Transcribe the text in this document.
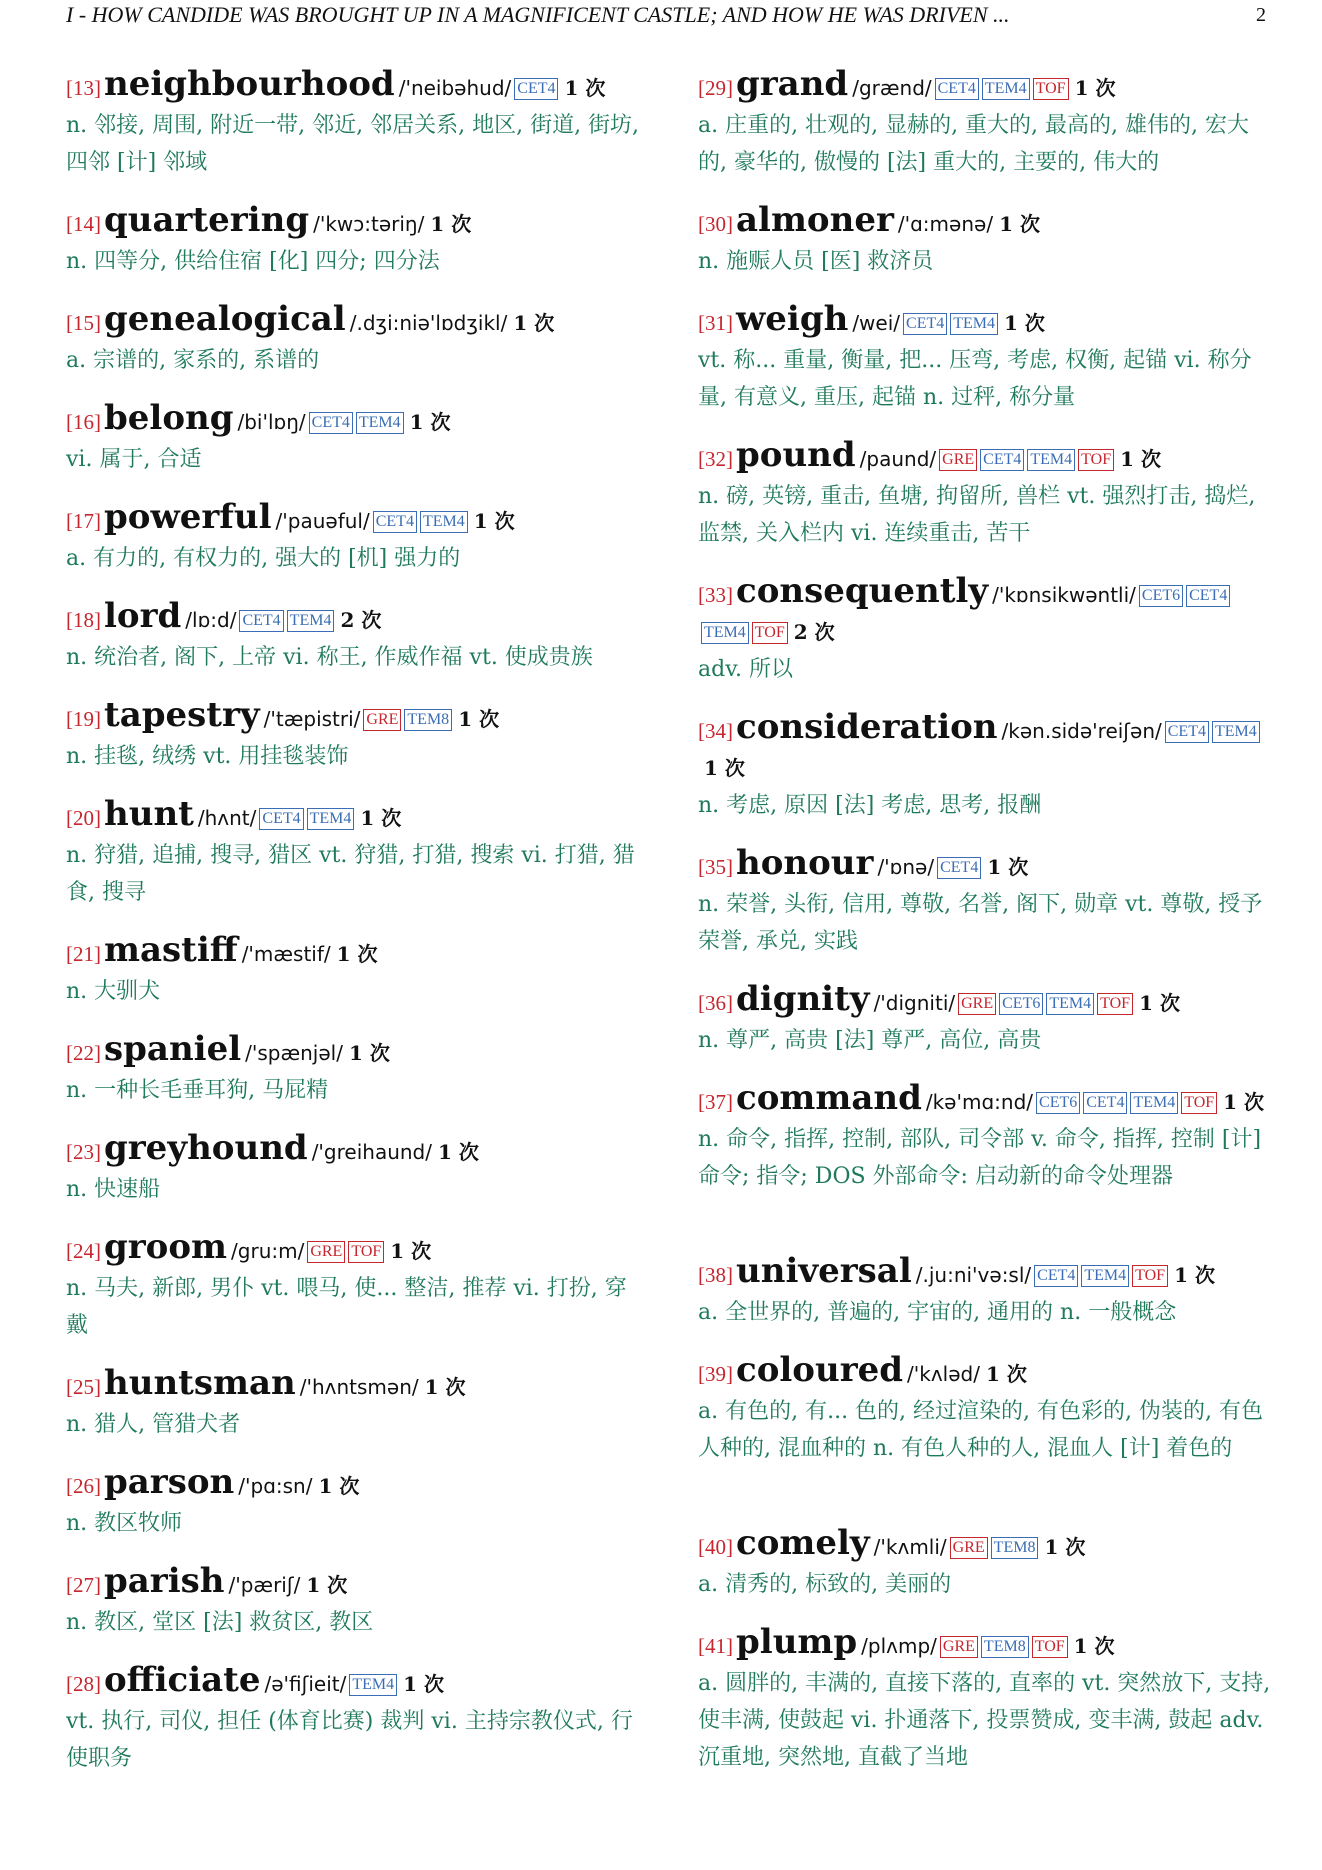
I - HOW CANDIDE WAS BROUGHT UP IN A MAGNIFICENT CASTLE; AND HOW HE WAS DRIVEN ...	2
[13]neighbourhood /'neibəhud/ CET4 1 次
n. 邻接, 周围, 附近一带, 邻近, 邻居关系, 地区, 街道, 街坊, 四邻 [计] 邻域
[14]quartering /'kwɔ:təriŋ/ 1 次
n. 四等分, 供给住宿 [化] 四分; 四分法
[15]genealogical /.dʒi:niə'lɒdʒikl/ 1 次
a. 宗谱的, 家系的, 系谱的
[16]belong /bi'lɒŋ/ CET4 TEM4 1 次
vi. 属于, 合适
[17]powerful /'pauəful/ CET4 TEM4 1 次
a. 有力的, 有权力的, 强大的 [机] 强力的
[18]lord /lɒ:d/ CET4 TEM4 2 次
n. 统治者, 阁下, 上帝 vi. 称王, 作威作福 vt. 使成贵族
[19]tapestry /'tæpistri/ GRE TEM8 1 次
n. 挂毯, 绒绣 vt. 用挂毯装饰
[20]hunt /hʌnt/ CET4 TEM4 1 次
n. 狩猎, 追捕, 搜寻, 猎区 vt. 狩猎, 打猎, 搜索 vi. 打猎, 猎食, 搜寻
[21]mastiff /'mæstif/ 1 次
n. 大驯犬
[22]spaniel /'spænjəl/ 1 次
n. 一种长毛垂耳狗, 马屁精
[23]greyhound /'greihaund/ 1 次
n. 快速船
[24]groom /gru:m/ GRE TOF 1 次
n. 马夫, 新郎, 男仆 vt. 喂马, 使... 整洁, 推荐 vi. 打扮, 穿戴
[25]huntsman /'hʌntsmən/ 1 次
n. 猎人, 管猎犬者
[26]parson /'pɑ:sn/ 1 次
n. 教区牧师
[27]parish /'pæriʃ/ 1 次
n. 教区, 堂区 [法] 救贫区, 教区
[28]officiate /ə'fiʃieit/ TEM4 1 次
vt. 执行, 司仪, 担任 (体育比赛) 裁判 vi. 主持宗教仪式, 行使职务
[29]grand /grænd/ CET4 TEM4 TOF 1 次
a. 庄重的, 壮观的, 显赫的, 重大的, 最高的, 雄伟的, 宏大的, 豪华的, 傲慢的 [法] 重大的, 主要的, 伟大的
[30]almoner /'ɑ:mənə/ 1 次
n. 施赈人员 [医] 救济员
[31]weigh /wei/ CET4 TEM4 1 次
vt. 称... 重量, 衡量, 把... 压弯, 考虑, 权衡, 起锚 vi. 称分量, 有意义, 重压, 起锚 n. 过秤, 称分量
[32]pound /paund/ GRE CET4 TEM4 TOF 1 次
n. 磅, 英镑, 重击, 鱼塘, 拘留所, 兽栏 vt. 强烈打击, 捣烂, 监禁, 关入栏内 vi. 连续重击, 苦干
[33]consequently /'kɒnsikwəntli/ CET6 CET4TEM4 TOF 2 次
adv. 所以
[34]consideration /kən.sidə'reiʃən/ CET4 TEM41 次
n. 考虑, 原因 [法] 考虑, 思考, 报酬
[35]honour /'ɒnə/ CET4 1 次
n. 荣誉, 头衔, 信用, 尊敬, 名誉, 阁下, 勋章 vt. 尊敬, 授予荣誉, 承兑, 实践
[36]dignity /'digniti/ GRE CET6 TEM4 TOF 1 次
n. 尊严, 高贵 [法] 尊严, 高位, 高贵
[37]command /kə'mɑ:nd/ CET6 CET4 TEM4 TOF 1 次
n. 命令, 指挥, 控制, 部队, 司令部 v. 命令, 指挥, 控制 [计] 命令; 指令; DOS 外部命令: 启动新的命令处理器
[38]universal /.ju:ni'və:sl/ CET4 TEM4 TOF 1 次
a. 全世界的, 普遍的, 宇宙的, 通用的 n. 一般概念
[39]coloured /'kʌləd/ 1 次
a. 有色的, 有... 色的, 经过渲染的, 有色彩的, 伪装的, 有色人种的, 混血种的 n. 有色人种的人, 混血人 [计] 着色的
[40]comely /'kʌmli/ GRE TEM8 1 次
a. 清秀的, 标致的, 美丽的
[41]plump /plʌmp/ GRE TEM8 TOF 1 次
a. 圆胖的, 丰满的, 直接下落的, 直率的 vt. 突然放下, 支持, 使丰满, 使鼓起 vi. 扑通落下, 投票赞成, 变丰满, 鼓起 adv. 沉重地, 突然地, 直截了当地
